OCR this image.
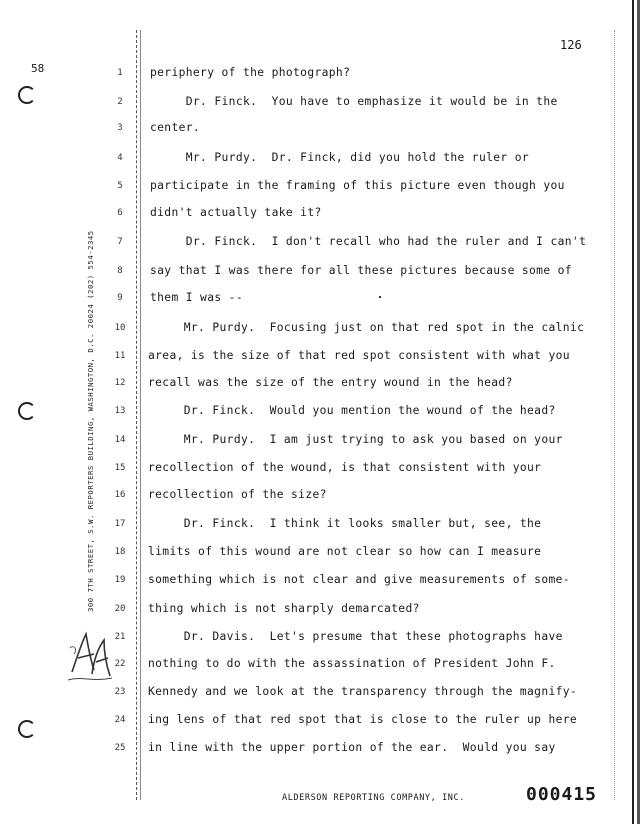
58
126
300 7TH STREET, S.W. REPORTERS BUILDING, WASHINGTON, D.C. 20024 (202) 554-2345
1	periphery of the photograph?
2	Dr. Finck.  You have to emphasize it would be in the
3	center.
4	Mr. Purdy.  Dr. Finck, did you hold the ruler or
5	participate in the framing of this picture even though you
6	didn't actually take it?
7	Dr. Finck.  I don't recall who had the ruler and I can't
8	say that I was there for all these pictures because some of
9	them I was --
10 Mr. Purdy.  Focusing just on that red spot in the calnic
11 area, is the size of that red spot consistent with what you
12 recall was the size of the entry wound in the head?
13 Dr. Finck.  Would you mention the wound of the head?
14 Mr. Purdy.  I am just trying to ask you based on your
15 recollection of the wound, is that consistent with your
16 recollection of the size?
17 Dr. Finck.  I think it looks smaller but, see, the
18 limits of this wound are not clear so how can I measure
19 something which is not clear and give measurements of some-
20 thing which is not sharply demarcated?
21 Dr. Davis.  Let's presume that these photographs have
22 nothing to do with the assassination of President John F.
23 Kennedy and we look at the transparency through the magnify-
24 ing lens of that red spot that is close to the ruler up here
25 in line with the upper portion of the ear.  Would you say
ALDERSON REPORTING COMPANY, INC.	000415
